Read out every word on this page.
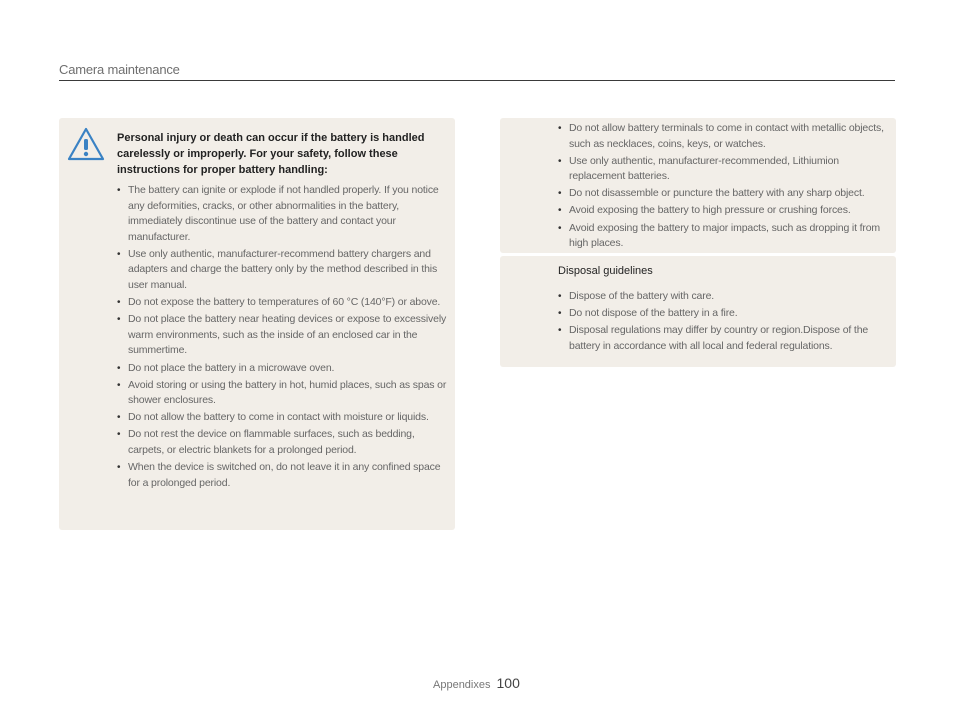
Camera maintenance
Personal injury or death can occur if the battery is handled carelessly or improperly. For your safety, follow these instructions for proper battery handling:
• The battery can ignite or explode if not handled properly. If you notice any deformities, cracks, or other abnormalities in the battery, immediately discontinue use of the battery and contact your manufacturer.
• Use only authentic, manufacturer-recommend battery chargers and adapters and charge the battery only by the method described in this user manual.
• Do not expose the battery to temperatures of 60 °C (140°F) or above.
• Do not place the battery near heating devices or expose to excessively warm environments, such as the inside of an enclosed car in the summertime.
• Do not place the battery in a microwave oven.
• Avoid storing or using the battery in hot, humid places, such as spas or shower enclosures.
• Do not allow the battery to come in contact with moisture or liquids.
• Do not rest the device on flammable surfaces, such as bedding, carpets, or electric blankets for a prolonged period.
• When the device is switched on, do not leave it in any confined space for a prolonged period.
• Do not allow battery terminals to come in contact with metallic objects, such as necklaces, coins, keys, or watches.
• Use only authentic, manufacturer-recommended, Lithiumion replacement batteries.
• Do not disassemble or puncture the battery with any sharp object.
• Avoid exposing the battery to high pressure or crushing forces.
• Avoid exposing the battery to major impacts, such as dropping it from high places.
Disposal guidelines
• Dispose of the battery with care.
• Do not dispose of the battery in a fire.
• Disposal regulations may differ by country or region.Dispose of the battery in accordance with all local and federal regulations.
Appendixes 100
